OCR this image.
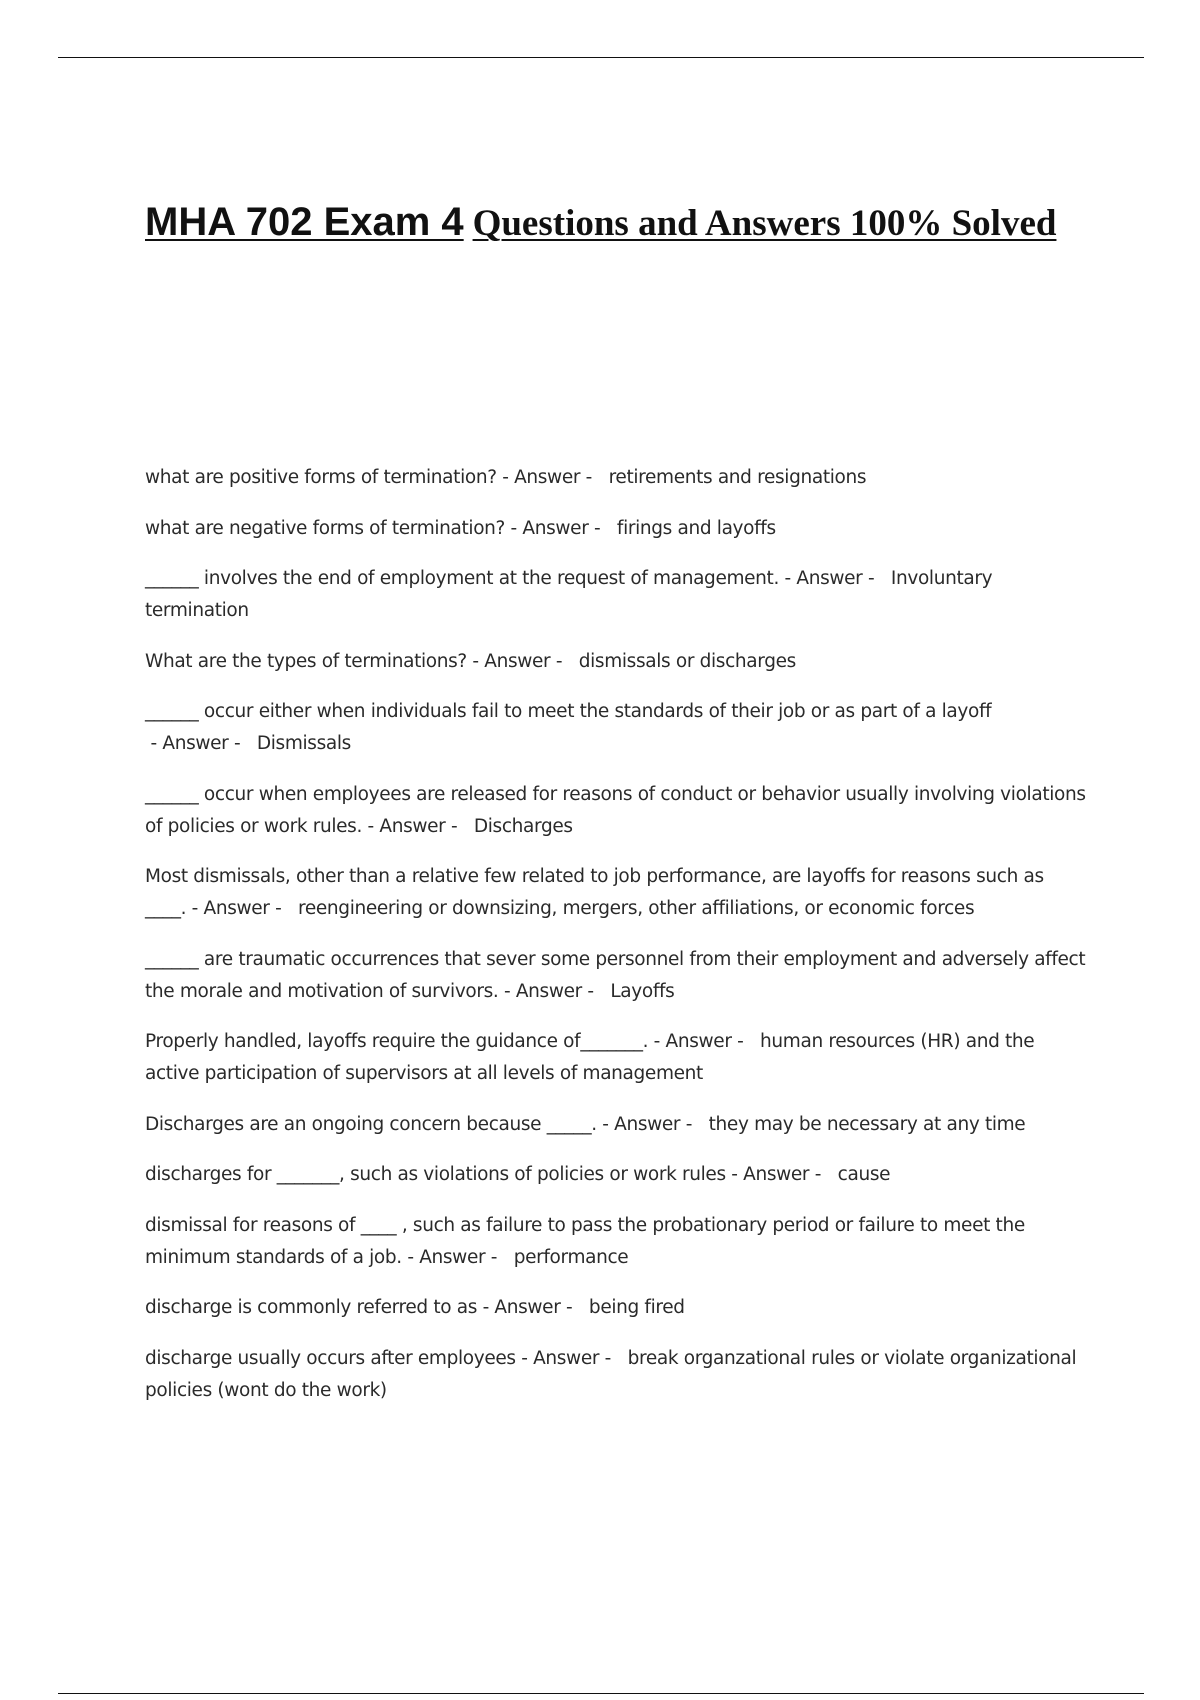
MHA 702 Exam 4 Questions and Answers 100% Solved
what are positive forms of termination? - Answer -   retirements and resignations
what are negative forms of termination? - Answer -   firings and layoffs
______ involves the end of employment at the request of management. - Answer -   Involuntary termination
What are the types of terminations? - Answer -   dismissals or discharges
______ occur either when individuals fail to meet the standards of their job or as part of a layoff - Answer -   Dismissals
______ occur when employees are released for reasons of conduct or behavior usually involving violations of policies or work rules. - Answer -   Discharges
Most dismissals, other than a relative few related to job performance, are layoffs for reasons such as ____. - Answer -   reengineering or downsizing, mergers, other affiliations, or economic forces
______ are traumatic occurrences that sever some personnel from their employment and adversely affect the morale and motivation of survivors. - Answer -   Layoffs
Properly handled, layoffs require the guidance of_______. - Answer -   human resources (HR) and the active participation of supervisors at all levels of management
Discharges are an ongoing concern because _____. - Answer -   they may be necessary at any time
discharges for _______, such as violations of policies or work rules - Answer -   cause
dismissal for reasons of ____ , such as failure to pass the probationary period or failure to meet the minimum standards of a job. - Answer -   performance
discharge is commonly referred to as - Answer -   being fired
discharge usually occurs after employees - Answer -   break organzational rules or violate organizational policies (wont do the work)
